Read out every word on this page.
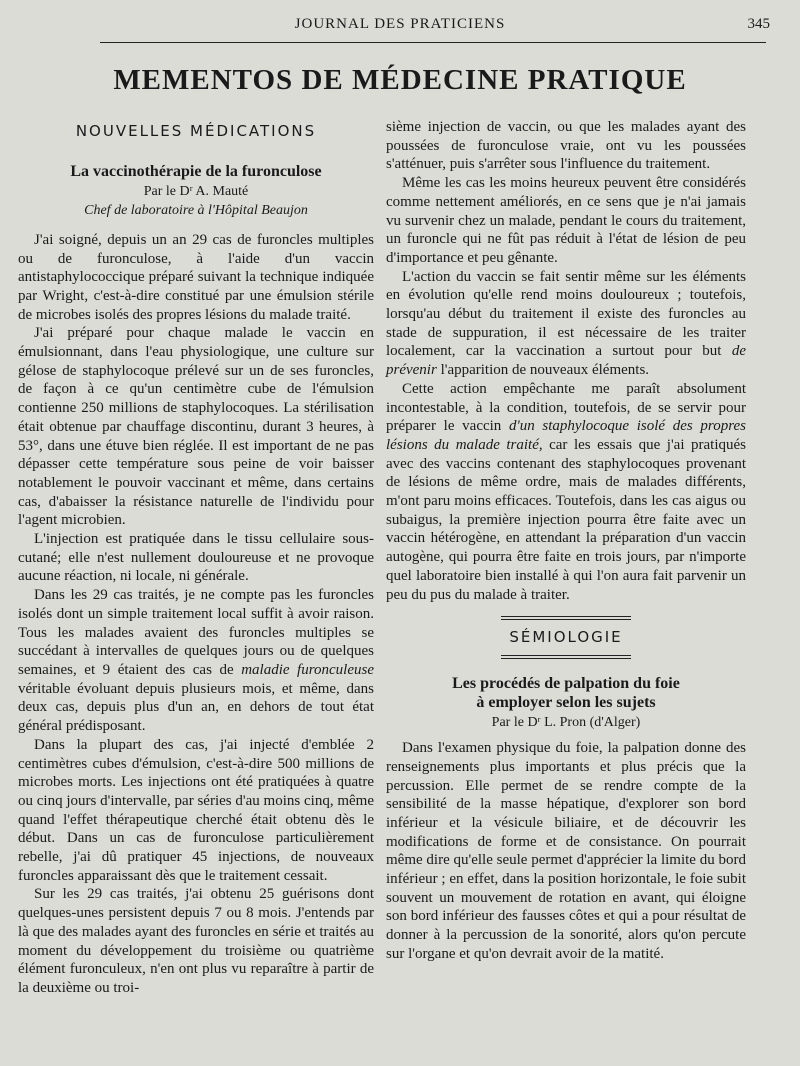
JOURNAL DES PRATICIENS	345
MEMENTOS DE MÉDECINE PRATIQUE
NOUVELLES MÉDICATIONS
La vaccinothérapie de la furonculose
Par le Dʳ A. Mauté
Chef de laboratoire à l'Hôpital Beaujon

J'ai soigné, depuis un an 29 cas de furoncles multiples ou de furonculose, à l'aide d'un vaccin antistaphylococcique préparé suivant la technique indiquée par Wright, c'est-à-dire constitué par une émulsion stérile de microbes isolés des propres lésions du malade traité.

J'ai préparé pour chaque malade le vaccin en émulsionnant, dans l'eau physiologique, une culture sur gélose de staphylocoque prélevé sur un de ses furoncles, de façon à ce qu'un centimètre cube de l'émulsion contienne 250 millions de staphylocoques. La stérilisation était obtenue par chauffage discontinu, durant 3 heures, à 53°, dans une étuve bien réglée. Il est important de ne pas dépasser cette température sous peine de voir baisser notablement le pouvoir vaccinant et même, dans certains cas, d'abaisser la résistance naturelle de l'individu pour l'agent microbien.

L'injection est pratiquée dans le tissu cellulaire sous-cutané; elle n'est nullement douloureuse et ne provoque aucune réaction, ni locale, ni générale.

Dans les 29 cas traités, je ne compte pas les furoncles isolés dont un simple traitement local suffit à avoir raison. Tous les malades avaient des furoncles multiples se succédant à intervalles de quelques jours ou de quelques semaines, et 9 étaient des cas de maladie furonculeuse véritable évoluant depuis plusieurs mois, et même, dans deux cas, depuis plus d'un an, en dehors de tout état général prédisposant.

Dans la plupart des cas, j'ai injecté d'emblée 2 centimètres cubes d'émulsion, c'est-à-dire 500 millions de microbes morts. Les injections ont été pratiquées à quatre ou cinq jours d'intervalle, par séries d'au moins cinq, même quand l'effet thérapeutique cherché était obtenu dès le début. Dans un cas de furonculose particulièrement rebelle, j'ai dû pratiquer 45 injections, de nouveaux furoncles apparaissant dès que le traitement cessait.

Sur les 29 cas traités, j'ai obtenu 25 guérisons dont quelques-unes persistent depuis 7 ou 8 mois. J'entends par là que des malades ayant des furoncles en série et traités au moment du développement du troisième ou quatrième élément furonculeux, n'en ont plus vu reparaître à partir de la deuxième ou troi-

sième injection de vaccin, ou que les malades ayant des poussées de furonculose vraie, ont vu les poussées s'atténuer, puis s'arrêter sous l'influence du traitement.

Même les cas les moins heureux peuvent être considérés comme nettement améliorés, en ce sens que je n'ai jamais vu survenir chez un malade, pendant le cours du traitement, un furoncle qui ne fût pas réduit à l'état de lésion de peu d'importance et peu gênante.

L'action du vaccin se fait sentir même sur les éléments en évolution qu'elle rend moins douloureux ; toutefois, lorsqu'au début du traitement il existe des furoncles au stade de suppuration, il est nécessaire de les traiter localement, car la vaccination a surtout pour but de prévenir l'apparition de nouveaux éléments.

Cette action empêchante me paraît absolument incontestable, à la condition, toutefois, de se servir pour préparer le vaccin d'un staphylocoque isolé des propres lésions du malade traité, car les essais que j'ai pratiqués avec des vaccins contenant des staphylocoques provenant de lésions de même ordre, mais de malades différents, m'ont paru moins efficaces. Toutefois, dans les cas aigus ou subaigus, la première injection pourra être faite avec un vaccin hétérogène, en attendant la préparation d'un vaccin autogène, qui pourra être faite en trois jours, par n'importe quel laboratoire bien installé à qui l'on aura fait parvenir un peu du pus du malade à traiter.

SÉMIOLOGIE
Les procédés de palpation du foie
à employer selon les sujets
Par le Dʳ L. Pron (d'Alger)

Dans l'examen physique du foie, la palpation donne des renseignements plus importants et plus précis que la percussion. Elle permet de se rendre compte de la sensibilité de la masse hépatique, d'explorer son bord inférieur et la vésicule biliaire, et de découvrir les modifications de forme et de consistance. On pourrait même dire qu'elle seule permet d'apprécier la limite du bord inférieur ; en effet, dans la position horizontale, le foie subit souvent un mouvement de rotation en avant, qui éloigne son bord inférieur des fausses côtes et qui a pour résultat de donner à la percussion de la sonorité, alors qu'on percute sur l'organe et qu'on devrait avoir de la matité.
